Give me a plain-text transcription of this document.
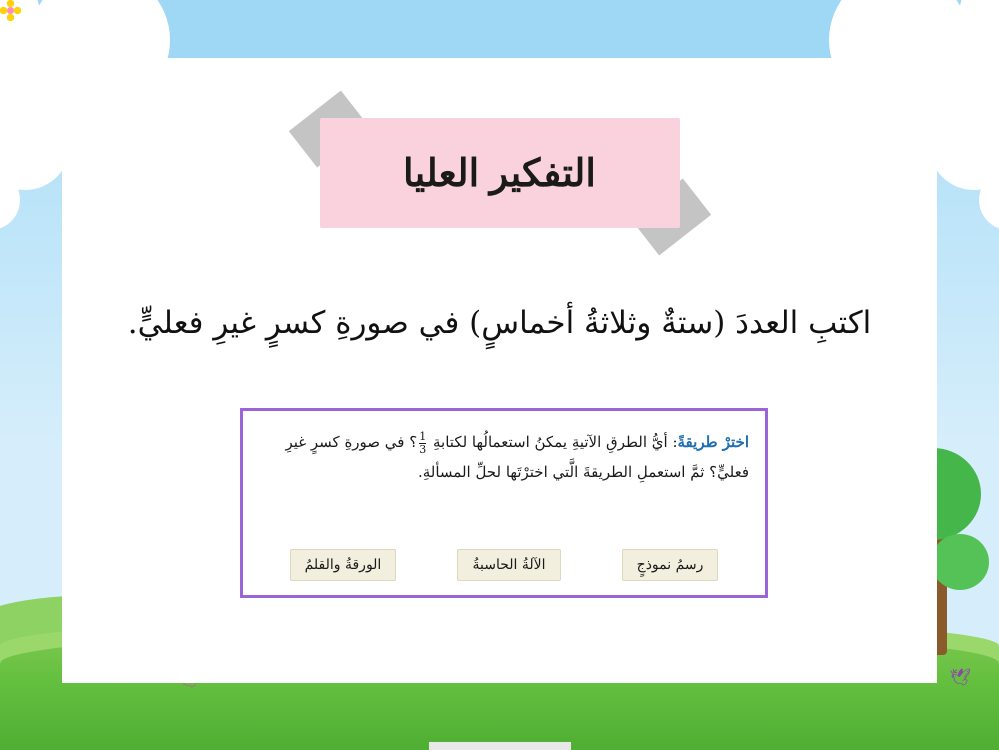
🕊
التفكير العليا
اكتبِ العددَ (ستةٌ وثلاثةُ أخماسٍ) في صورةِ كسرٍ غيرِ فعليٍّ.
اخترْ طريقةً: أيُّ الطرقِ الآتيةِ يمكنُ استعمالُها لكتابةِ
$\frac{1}{3}$
؟ في صورةِ كسرٍ غيرِ
فعليٍّ؟ ثمَّ استعملِ الطريقةَ الَّتي اخترْتَها لحلِّ المسألةِ.
الورقةُ والقلمُ	الآلةُ الحاسبةُ	رسمُ نموذجٍ
